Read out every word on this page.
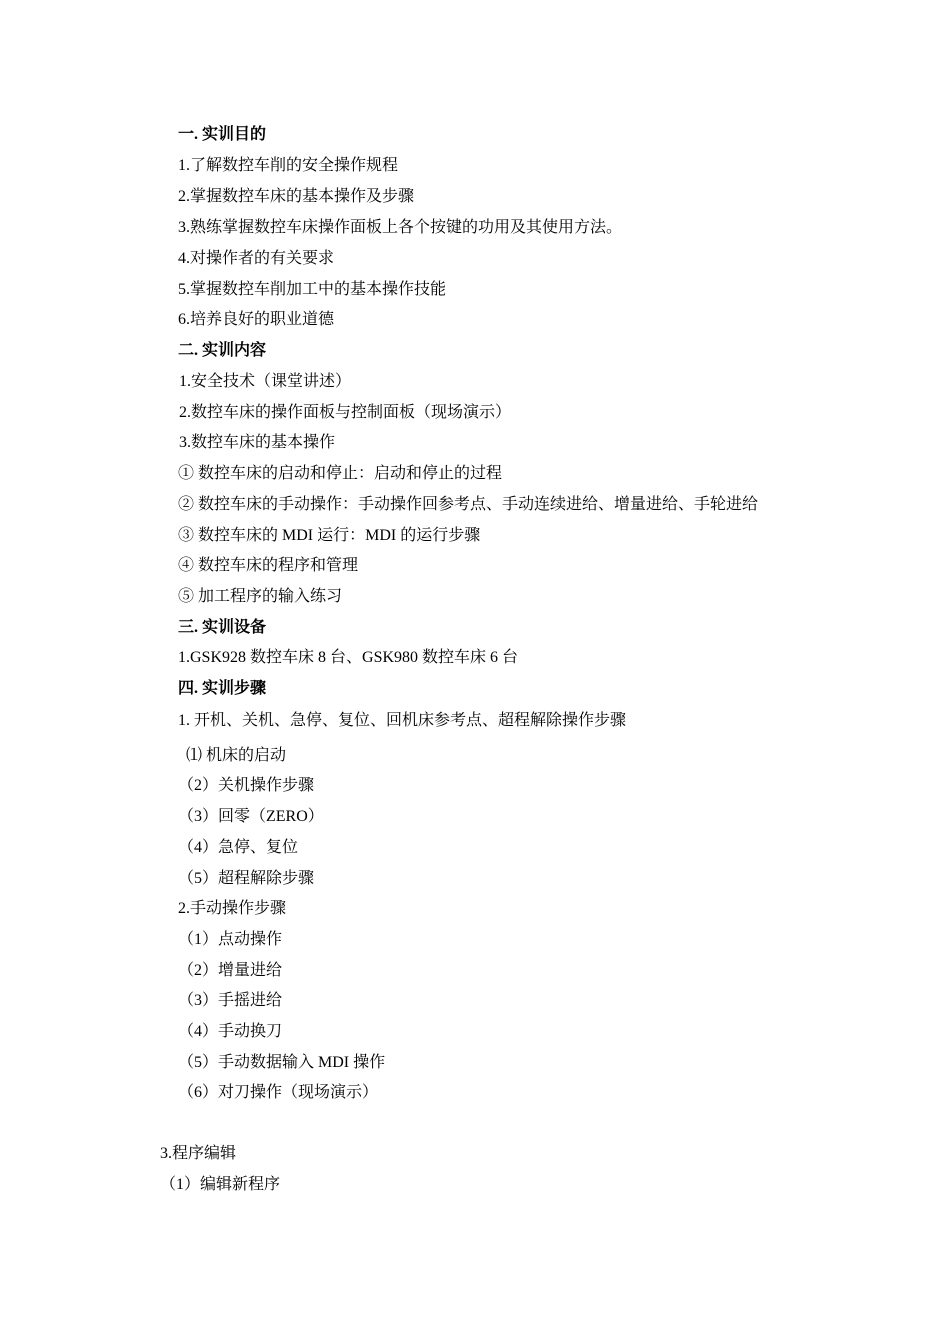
一. 实训目的
1.了解数控车削的安全操作规程
2.掌握数控车床的基本操作及步骤
3.熟练掌握数控车床操作面板上各个按键的功用及其使用方法。
4.对操作者的有关要求
5.掌握数控车削加工中的基本操作技能
6.培养良好的职业道德
二. 实训内容
1.安全技术（课堂讲述）
2.数控车床的操作面板与控制面板（现场演示）
3.数控车床的基本操作
① 数控车床的启动和停止：启动和停止的过程
② 数控车床的手动操作：手动操作回参考点、手动连续进给、增量进给、手轮进给
③ 数控车床的 MDI 运行：MDI 的运行步骤
④ 数控车床的程序和管理
⑤ 加工程序的输入练习
三. 实训设备
1.GSK928 数控车床 8 台、GSK980 数控车床 6 台
四. 实训步骤
1. 开机、关机、急停、复位、回机床参考点、超程解除操作步骤
⑴ 机床的启动
（2）关机操作步骤
（3）回零（ZERO）
（4）急停、复位
（5）超程解除步骤
2.手动操作步骤
（1）点动操作
（2）增量进给
（3）手摇进给
（4）手动换刀
（5）手动数据输入 MDI 操作
（6）对刀操作（现场演示）
3.程序编辑
（1）编辑新程序
